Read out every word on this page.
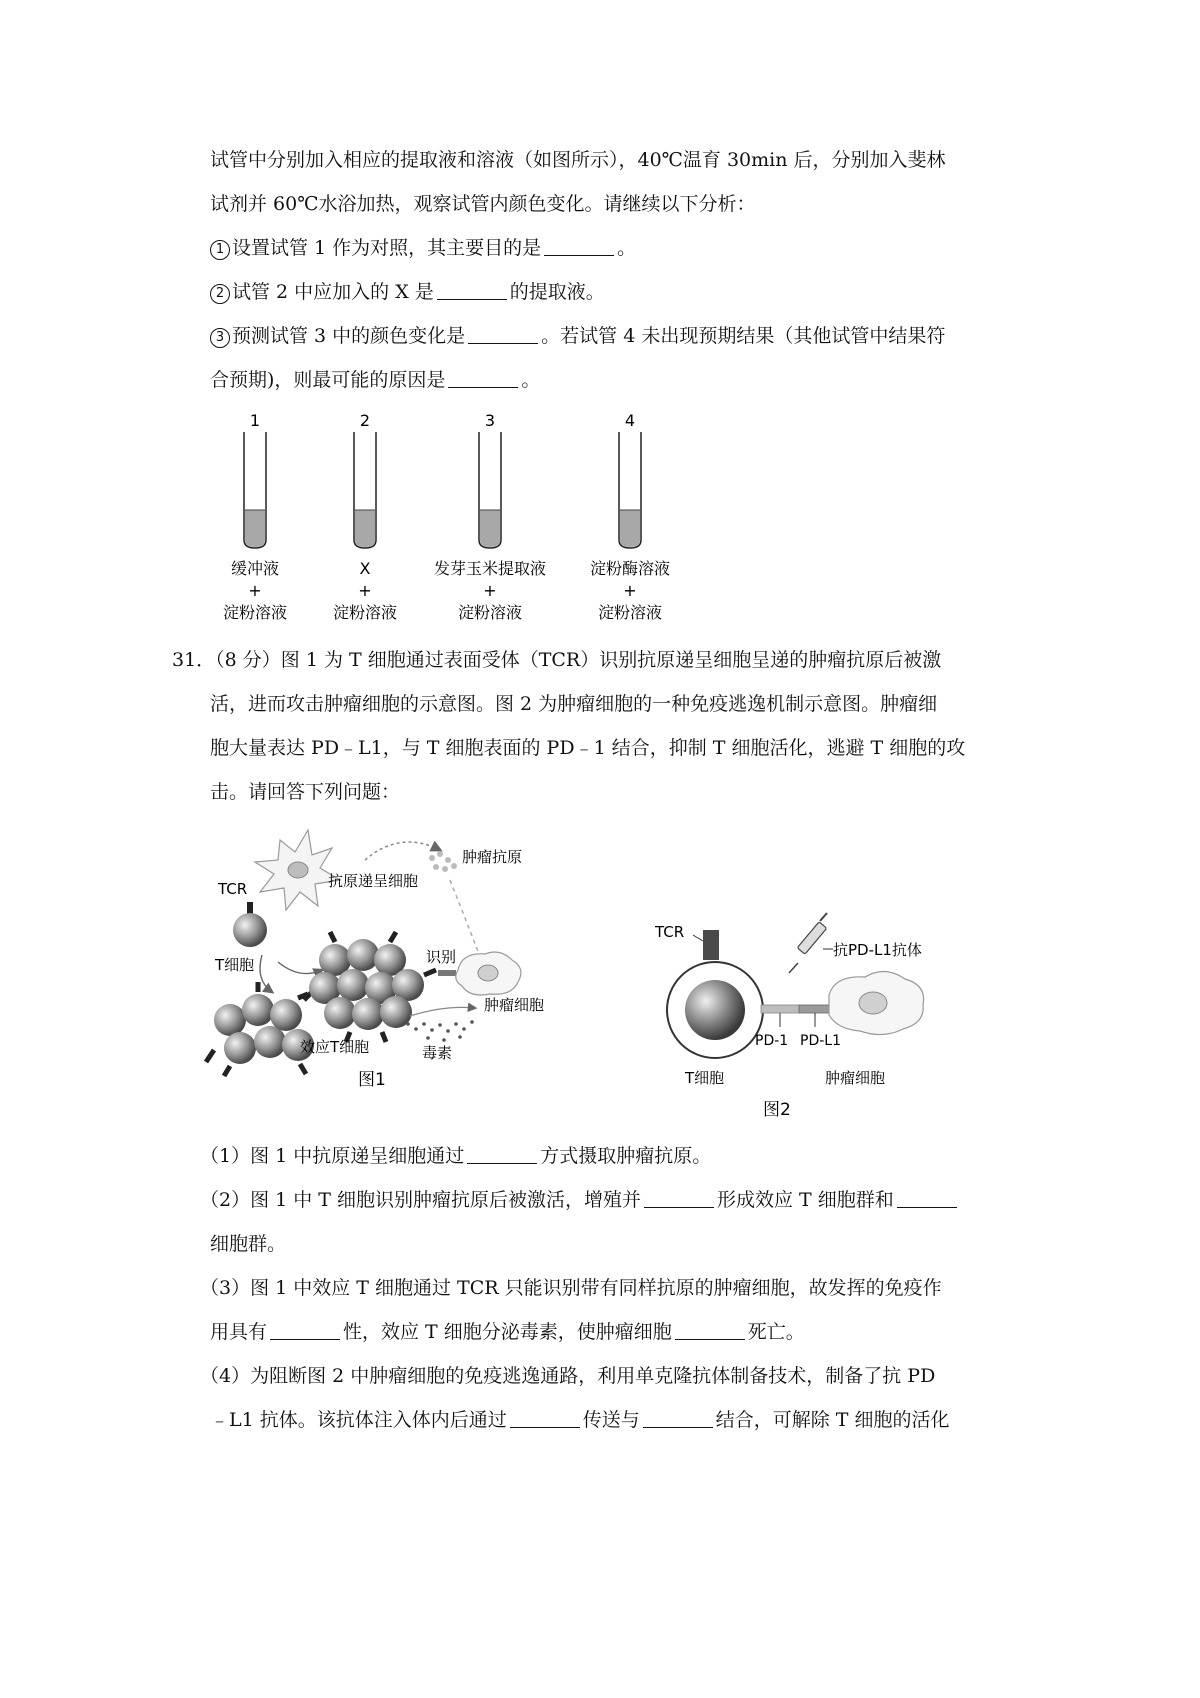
试管中分别加入相应的提取液和溶液（如图所示），40℃温育 30min 后，分别加入斐林

试剂并 60℃水浴加热，观察试管内颜色变化。请继续以下分析：

1 设置试管 1 作为对照，其主要目的是	。

2 试管 2 中应加入的 X 是	的提取液。

3 预测试管 3 中的颜色变化是	。若试管 4 未出现预期结果（其他试管中结果符

合预期)，则最可能的原因是	。

1
缓冲液
+
淀粉溶液
2
X
+
淀粉溶液
3
发芽玉米提取液
+
淀粉溶液
4
淀粉酶溶液
+
淀粉溶液

31．（8 分）图 1 为 T 细胞通过表面受体（TCR）识别抗原递呈细胞呈递的肿瘤抗原后被激

活，进而攻击肿瘤细胞的示意图。图 2 为肿瘤细胞的一种免疫逃逸机制示意图。肿瘤细

胞大量表达 PD﹣L1，与 T 细胞表面的 PD﹣1 结合，抑制 T 细胞活化，逃避 T 细胞的攻

击。请回答下列问题：

肿瘤抗原
抗原递呈细胞
TCR
T细胞	识别
肿瘤细胞
效应T细胞	毒素
图1
TCR
PD-1 PD-L1
抗PD-L1抗体
T细胞	肿瘤细胞
图2

（1）图 1 中抗原递呈细胞通过	方式摄取肿瘤抗原。

（2）图 1 中 T 细胞识别肿瘤抗原后被激活，增殖并	形成效应 T 细胞群和

细胞群。

（3）图 1 中效应 T 细胞通过 TCR 只能识别带有同样抗原的肿瘤细胞，故发挥的免疫作

用具有	性，效应 T 细胞分泌毒素，使肿瘤细胞	死亡。

（4）为阻断图 2 中肿瘤细胞的免疫逃逸通路，利用单克隆抗体制备技术，制备了抗 PD

﹣L1 抗体。该抗体注入体内后通过	传送与	结合，可解除 T 细胞的活化
